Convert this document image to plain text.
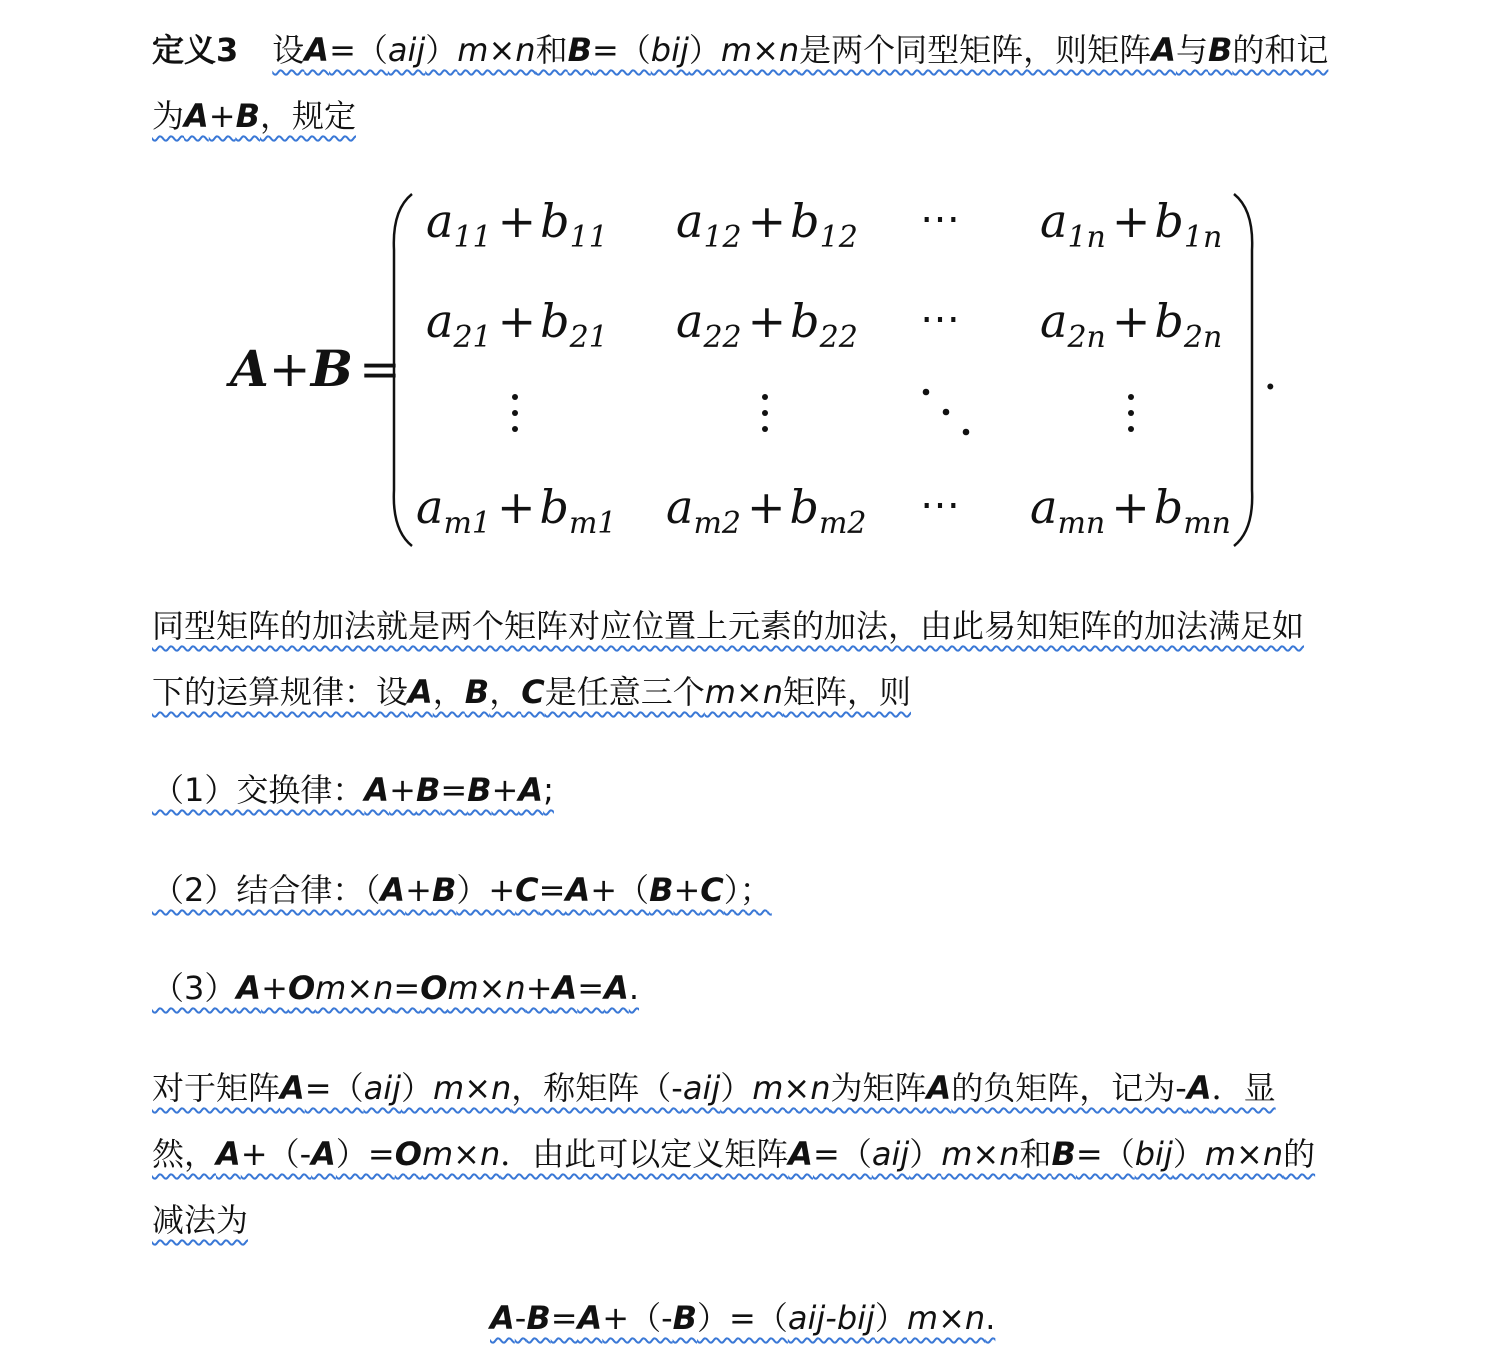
定义3 设A=（aij）m×n和B=（bij）m×n是两个同型矩阵，则矩阵A与B的和记
为A+B，规定
A+B =
$a_{11} +b_{11}$ $a_{12} +b_{12}$ ⋯ $a_{1n} +b_{1n}$
$a_{21} +b_{21}$ $a_{22} +b_{22}$ ⋯ $a_{2n} +b_{2n}$
$a_{m1} +b_{m1}$ $a_{m2} +b_{m2}$ ⋯ $a_{mn} +b_{mn}$
.
同型矩阵的加法就是两个矩阵对应位置上元素的加法，由此易知矩阵的加法满足如
下的运算规律：设A，B，C是任意三个m×n矩阵，则
（1）交换律：A+B=B+A;
（2）结合律：（A+B）+C=A+（B+C）；
（3）A+Om×n=Om×n+A=A.
对于矩阵A=（aij）m×n，称矩阵（-aij）m×n为矩阵A的负矩阵，记为-A．显
然，A+（-A）=Om×n．由此可以定义矩阵A=（aij）m×n和B=（bij）m×n的
减法为
A-B=A+（-B）=（aij-bij）m×n.
